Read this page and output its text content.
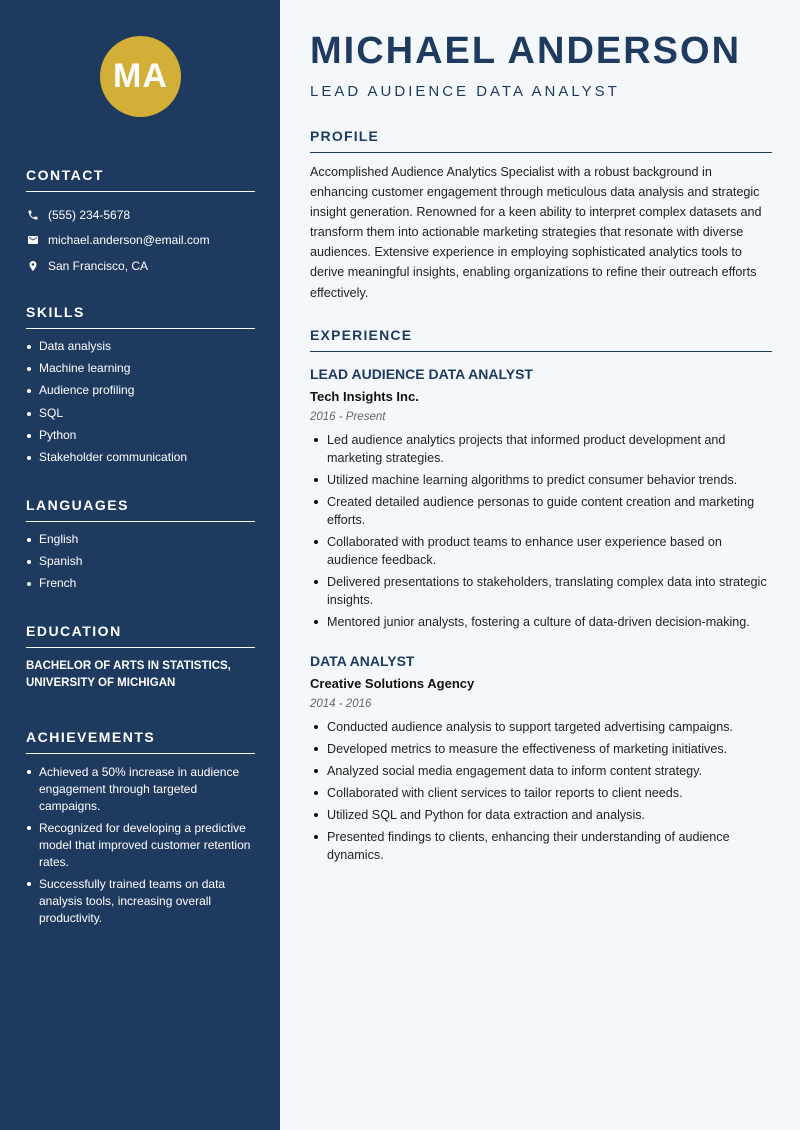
MA
CONTACT
(555) 234-5678
michael.anderson@email.com
San Francisco, CA
SKILLS
Data analysis
Machine learning
Audience profiling
SQL
Python
Stakeholder communication
LANGUAGES
English
Spanish
French
EDUCATION
BACHELOR OF ARTS IN STATISTICS, UNIVERSITY OF MICHIGAN
ACHIEVEMENTS
Achieved a 50% increase in audience engagement through targeted campaigns.
Recognized for developing a predictive model that improved customer retention rates.
Successfully trained teams on data analysis tools, increasing overall productivity.
MICHAEL ANDERSON
LEAD AUDIENCE DATA ANALYST
PROFILE

Accomplished Audience Analytics Specialist with a robust background in enhancing customer engagement through meticulous data analysis and strategic insight generation. Renowned for a keen ability to interpret complex datasets and transform them into actionable marketing strategies that resonate with diverse audiences. Extensive experience in employing sophisticated analytics tools to derive meaningful insights, enabling organizations to refine their outreach efforts effectively.

EXPERIENCE
LEAD AUDIENCE DATA ANALYST
Tech Insights Inc.
2016 - Present
Led audience analytics projects that informed product development and marketing strategies.
Utilized machine learning algorithms to predict consumer behavior trends.
Created detailed audience personas to guide content creation and marketing efforts.
Collaborated with product teams to enhance user experience based on audience feedback.
Delivered presentations to stakeholders, translating complex data into strategic insights.
Mentored junior analysts, fostering a culture of data-driven decision-making.
DATA ANALYST
Creative Solutions Agency
2014 - 2016
Conducted audience analysis to support targeted advertising campaigns.
Developed metrics to measure the effectiveness of marketing initiatives.
Analyzed social media engagement data to inform content strategy.
Collaborated with client services to tailor reports to client needs.
Utilized SQL and Python for data extraction and analysis.
Presented findings to clients, enhancing their understanding of audience dynamics.
